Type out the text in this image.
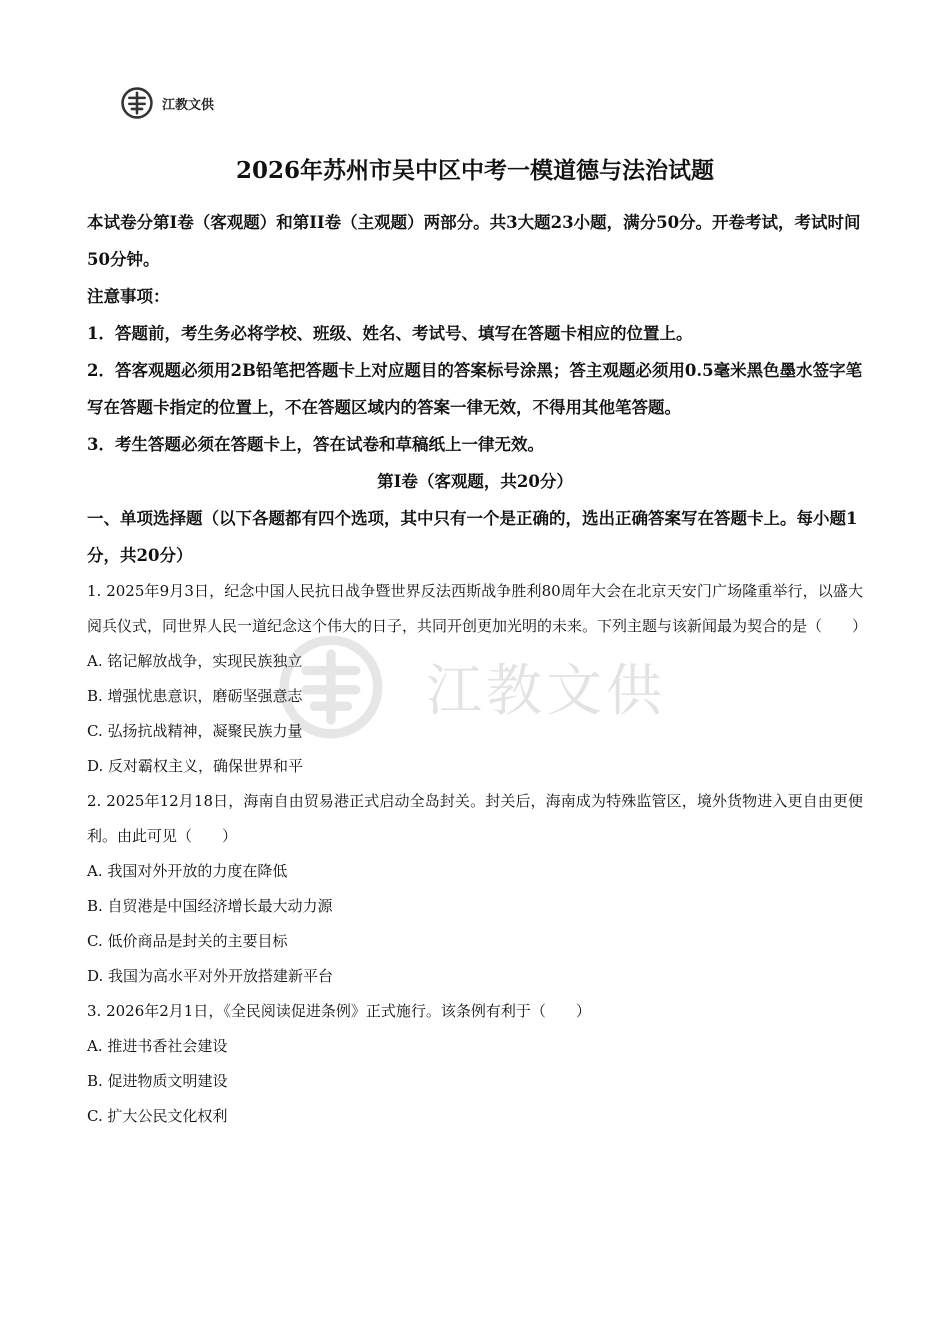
江教文供
江教文供
2026年苏州市吴中区中考一模道德与法治试题

本试卷分第Ⅰ卷（客观题）和第II卷（主观题）两部分。共3大题23小题，满分50分。开卷考试，考试时间50分钟。

注意事项：

1．答题前，考生务必将学校、班级、姓名、考试号、填写在答题卡相应的位置上。

2．答客观题必须用2B铅笔把答题卡上对应题目的答案标号涂黑；答主观题必须用0.5毫米黑色墨水签字笔写在答题卡指定的位置上，不在答题区域内的答案一律无效，不得用其他笔答题。

3．考生答题必须在答题卡上，答在试卷和草稿纸上一律无效。

第Ⅰ卷（客观题，共20分）

一、单项选择题（以下各题都有四个选项，其中只有一个是正确的，选出正确答案写在答题卡上。每小题1分，共20分）

1. 2025年9月3日，纪念中国人民抗日战争暨世界反法西斯战争胜利80周年大会在北京天安门广场隆重举行，以盛大阅兵仪式，同世界人民一道纪念这个伟大的日子，共同开创更加光明的未来。下列主题与该新闻最为契合的是（　　）

A. 铭记解放战争，实现民族独立

B. 增强忧患意识，磨砺坚强意志

C. 弘扬抗战精神，凝聚民族力量

D. 反对霸权主义，确保世界和平

2. 2025年12月18日，海南自由贸易港正式启动全岛封关。封关后，海南成为特殊监管区，境外货物进入更自由更便利。由此可见（　　）

A. 我国对外开放的力度在降低

B. 自贸港是中国经济增长最大动力源

C. 低价商品是封关的主要目标

D. 我国为高水平对外开放搭建新平台

3. 2026年2月1日，《全民阅读促进条例》正式施行。该条例有利于（　　）

A. 推进书香社会建设

B. 促进物质文明建设

C. 扩大公民文化权利
